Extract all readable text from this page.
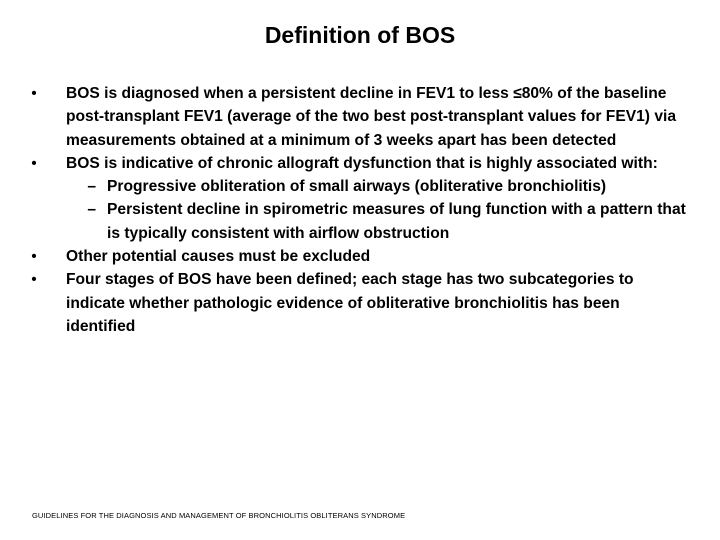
Definition of BOS
• BOS is diagnosed when a persistent decline in FEV1 to less ≤80% of the baseline post-transplant FEV1 (average of the two best post-transplant values for FEV1) via measurements obtained at a minimum of 3 weeks apart has been detected
• BOS is indicative of chronic allograft dysfunction that is highly associated with:
– Progressive obliteration of small airways (obliterative bronchiolitis)
– Persistent decline in spirometric measures of lung function with a pattern that is typically consistent with airflow obstruction
• Other potential causes must be excluded
• Four stages of BOS have been defined; each stage has two subcategories to indicate whether pathologic evidence of obliterative bronchiolitis has been identified
GUIDELINES FOR THE DIAGNOSIS AND MANAGEMENT OF BRONCHIOLITIS OBLITERANS SYNDROME
